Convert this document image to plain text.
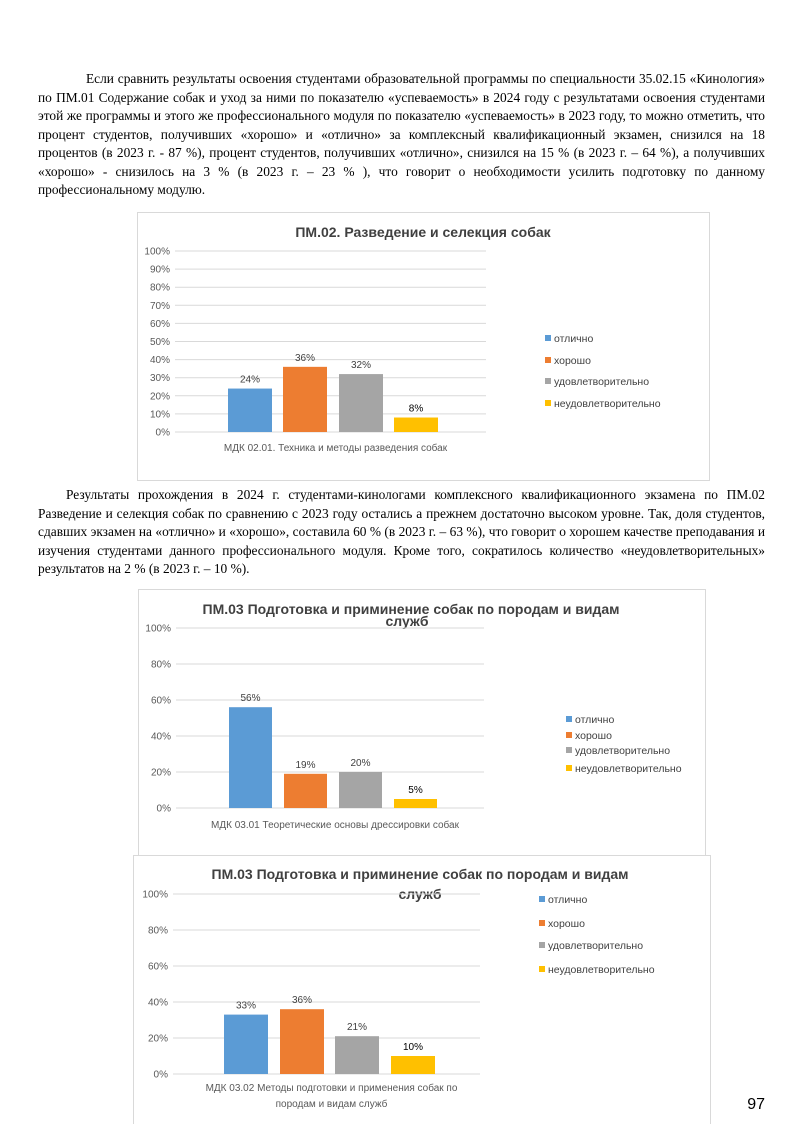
Если сравнить результаты освоения студентами образовательной программы по специальности 35.02.15 «Кинология» по ПМ.01 Содержание собак и уход за ними по показателю «успеваемость» в 2024 году с результатами освоения студентами этой же программы и этого же профессионального модуля по показателю «успеваемость» в 2023 году, то можно отметить, что процент студентов, получивших «хорошо» и «отлично» за комплексный квалификационный экзамен, снизился на 18 процентов (в 2023 г. - 87 %), процент студентов, получивших «отлично», снизился на 15 % (в 2023 г. – 64 %), а получивших «хорошо» - снизилось на 3 % (в 2023 г. – 23 % ), что говорит о необходимости усилить подготовку по данному профессиональному модулю.

ПМ.02. Разведение и селекция собак
0%
10%
20%
30%
40%
50%
60%
70%
80%
90%
100%
24%
отлично
36%	хорошо
32%
удовлетворительно
8%	неудовлетворительно
МДК 02.01. Техника и методы разведения собак

Результаты прохождения в 2024 г. студентами-кинологами комплексного квалификационного экзамена по ПМ.02 Разведение и селекция собак по сравнению с 2023 году остались а прежнем достаточно высоком уровне. Так, доля студентов, сдавших экзамен на «отлично» и «хорошо», составила 60 % (в 2023 г. – 63 %), что говорит о хорошем качестве преподавания и изучения студентами данного профессионального модуля. Кроме того, сократилось количество «неудовлетворительных» результатов на 2 % (в 2023 г. – 10 %).

ПМ.03 Подготовка и приминение собак по породам и видам
служб
0%
20%
40%
60%
80%
100%
56%
отлично
19%
хорошо
20%
удовлетворительно
5%
неудовлетворительно
МДК 03.01 Теоретические основы дрессировки собак
ПМ.03 Подготовка и приминение собак по породам и видам
служб
0%
20%
40%
60%
80%
100%
33%
отлично
36%
хорошо
21%
удовлетворительно
10%
неудовлетворительно
МДК 03.02 Методы подготовки и применения собак по
породам и видам служб	97
